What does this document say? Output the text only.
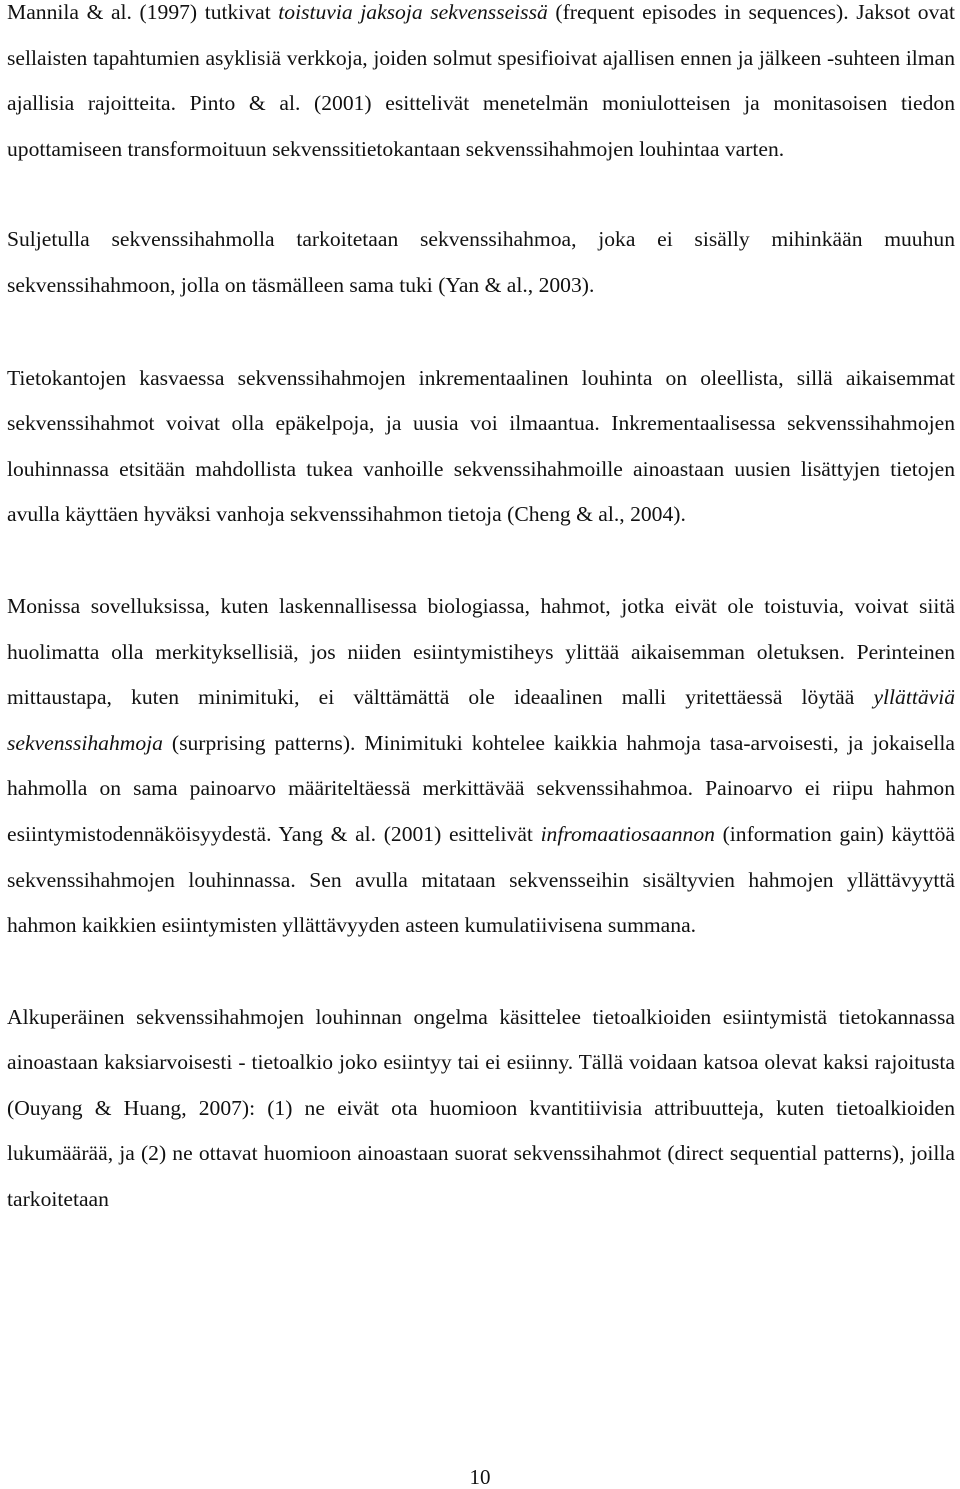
Mannila & al. (1997) tutkivat toistuvia jaksoja sekvensseissä (frequent episodes in sequences). Jaksot ovat sellaisten tapahtumien asyklisiä verkkoja, joiden solmut spesifioivat ajallisen ennen ja jälkeen -suhteen ilman ajallisia rajoitteita. Pinto & al. (2001) esittelivät menetelmän moniulotteisen ja monitasoisen tiedon upottamiseen transformoituun sekvenssitietokantaan sekvenssihahmojen louhintaa varten.

Suljetulla sekvenssihahmolla tarkoitetaan sekvenssihahmoa, joka ei sisälly mihinkään muuhun sekvenssihahmoon, jolla on täsmälleen sama tuki (Yan & al., 2003).

Tietokantojen kasvaessa sekvenssihahmojen inkrementaalinen louhinta on oleellista, sillä aikaisemmat sekvenssihahmot voivat olla epäkelpoja, ja uusia voi ilmaantua. Inkrementaalisessa sekvenssihahmojen louhinnassa etsitään mahdollista tukea vanhoille sekvenssihahmoille ainoastaan uusien lisättyjen tietojen avulla käyttäen hyväksi vanhoja sekvenssihahmon tietoja (Cheng & al., 2004).

Monissa sovelluksissa, kuten laskennallisessa biologiassa, hahmot, jotka eivät ole toistuvia, voivat siitä huolimatta olla merkityksellisiä, jos niiden esiintymistiheys ylittää aikaisemman oletuksen. Perinteinen mittaustapa, kuten minimituki, ei välttämättä ole ideaalinen malli yritettäessä löytää yllättäviä sekvenssihahmoja (surprising patterns). Minimituki kohtelee kaikkia hahmoja tasa-arvoisesti, ja jokaisella hahmolla on sama painoarvo määriteltäessä merkittävää sekvenssihahmoa. Painoarvo ei riipu hahmon esiintymistodennäköisyydestä. Yang & al. (2001) esittelivät infromaatiosaannon (information gain) käyttöä sekvenssihahmojen louhinnassa. Sen avulla mitataan sekvensseihin sisältyvien hahmojen yllättävyyttä hahmon kaikkien esiintymisten yllättävyyden asteen kumulatiivisena summana.

Alkuperäinen sekvenssihahmojen louhinnan ongelma käsittelee tietoalkioiden esiintymistä tietokannassa ainoastaan kaksiarvoisesti - tietoalkio joko esiintyy tai ei esiinny. Tällä voidaan katsoa olevat kaksi rajoitusta (Ouyang & Huang, 2007): (1) ne eivät ota huomioon kvantitiivisia attribuutteja, kuten tietoalkioiden lukumäärää, ja (2) ne ottavat huomioon ainoastaan suorat sekvenssihahmot (direct sequential patterns), joilla tarkoitetaan

10
